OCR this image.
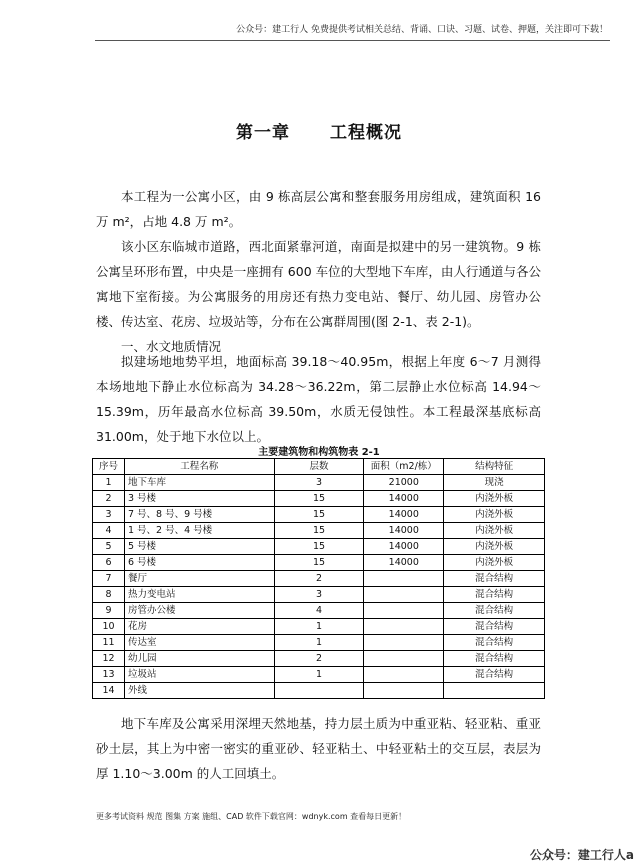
公众号：建工行人 免费提供考试相关总结、背诵、口诀、习题、试卷、押题，关注即可下载！
第一章 工程概况

本工程为一公寓小区，由 9 栋高层公寓和整套服务用房组成，建筑面积 16 万 m²，占地 4.8 万 m²。

该小区东临城市道路，西北面紧靠河道，南面是拟建中的另一建筑物。9 栋公寓呈环形布置，中央是一座拥有 600 车位的大型地下车库，由人行通道与各公寓地下室衔接。为公寓服务的用房还有热力变电站、餐厅、幼儿园、房管办公楼、传达室、花房、垃圾站等，分布在公寓群周围(图 2-1、表 2-1)。

一、水文地质情况

拟建场地地势平坦，地面标高 39.18～40.95m，根据上年度 6～7 月测得本场地地下静止水位标高为 34.28～36.22m，第二层静止水位标高 14.94～15.39m，历年最高水位标高 39.50m，水质无侵蚀性。本工程最深基底标高 31.00m，处于地下水位以上。

主要建筑物和构筑物表 2-1
序号	工程名称	层数	面积（m2/栋）	结构特征
1	地下车库	3	21000	现浇
2	3 号楼	15	14000	内浇外板
3	7 号、8 号、9 号楼	15	14000	内浇外板
4	1 号、2 号、4 号楼	15	14000	内浇外板
5	5 号楼	15	14000	内浇外板
6	6 号楼	15	14000	内浇外板
7	餐厅	2		混合结构
8	热力变电站	3		混合结构
9	房管办公楼	4		混合结构
10	花房	1		混合结构
11	传达室	1		混合结构
12	幼儿园	2		混合结构
13	垃圾站	1		混合结构
14	外线			

地下车库及公寓采用深埋天然地基，持力层土质为中重亚粘、轻亚粘、重亚砂土层，其上为中密一密实的重亚砂、轻亚粘土、中轻亚粘土的交互层，表层为厚 1.10～3.00m 的人工回填土。

更多考试资料 规范 图集 方案 施组、CAD 软件下载官网：wdnyk.com 查看每日更新！
公众号：建工行人a
